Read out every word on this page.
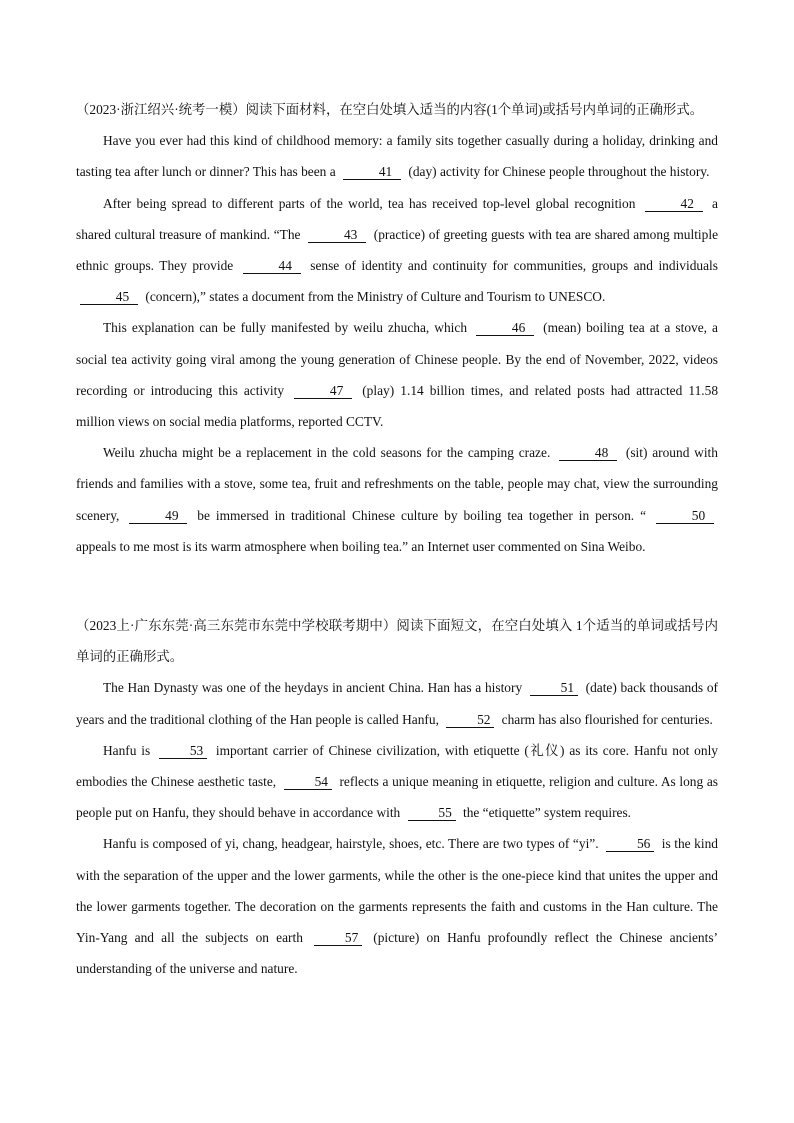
（2023·浙江绍兴·统考一模）阅读下面材料，在空白处填入适当的内容(1个单词)或括号内单词的正确形式。

Have you ever had this kind of childhood memory: a family sits together casually during a holiday, drinking and tasting tea after lunch or dinner? This has been a	41 (day) activity for Chinese people throughout the history.

After being spread to different parts of the world, tea has received top-level global recognition	42 a shared cultural treasure of mankind. “The	43 (practice) of greeting guests with tea are shared among multiple ethnic groups. They provide	44 sense of identity and continuity for communities, groups and individuals 45 (concern),” states a document from the Ministry of Culture and Tourism to UNESCO.

This explanation can be fully manifested by weilu zhucha, which	46 (mean) boiling tea at a stove, a social tea activity going viral among the young generation of Chinese people. By the end of November, 2022, videos recording or introducing this activity	47 (play) 1.14 billion times, and related posts had attracted 11.58 million views on social media platforms, reported CCTV.

Weilu zhucha might be a replacement in the cold seasons for the camping craze.	48 (sit) around with friends and families with a stove, some tea, fruit and refreshments on the table, people may chat, view the surrounding scenery,	49 be immersed in traditional Chinese culture by boiling tea together in person. “	50 appeals to me most is its warm atmosphere when boiling tea.” an Internet user commented on Sina Weibo.

（2023上·广东东莞·高三东莞市东莞中学校联考期中）阅读下面短文，在空白处填入 1个适当的单词或括号内单词的正确形式。

The Han Dynasty was one of the heydays in ancient China. Han has a history	51 (date) back thousands of years and the traditional clothing of the Han people is called Hanfu,	52 charm has also flourished for centuries.

Hanfu is	53 important carrier of Chinese civilization, with etiquette (礼仪) as its core. Hanfu not only embodies the Chinese aesthetic taste,	54 reflects a unique meaning in etiquette, religion and culture. As long as people put on Hanfu, they should behave in accordance with	55 the “etiquette” system requires.

Hanfu is composed of yi, chang, headgear, hairstyle, shoes, etc. There are two types of “yi”.	56 is the kind with the separation of the upper and the lower garments, while the other is the one-piece kind that unites the upper and the lower garments together. The decoration on the garments represents the faith and customs in the Han culture. The Yin-Yang and all the subjects on earth	57 (picture) on Hanfu profoundly reflect the Chinese ancients’ understanding of the universe and nature.
